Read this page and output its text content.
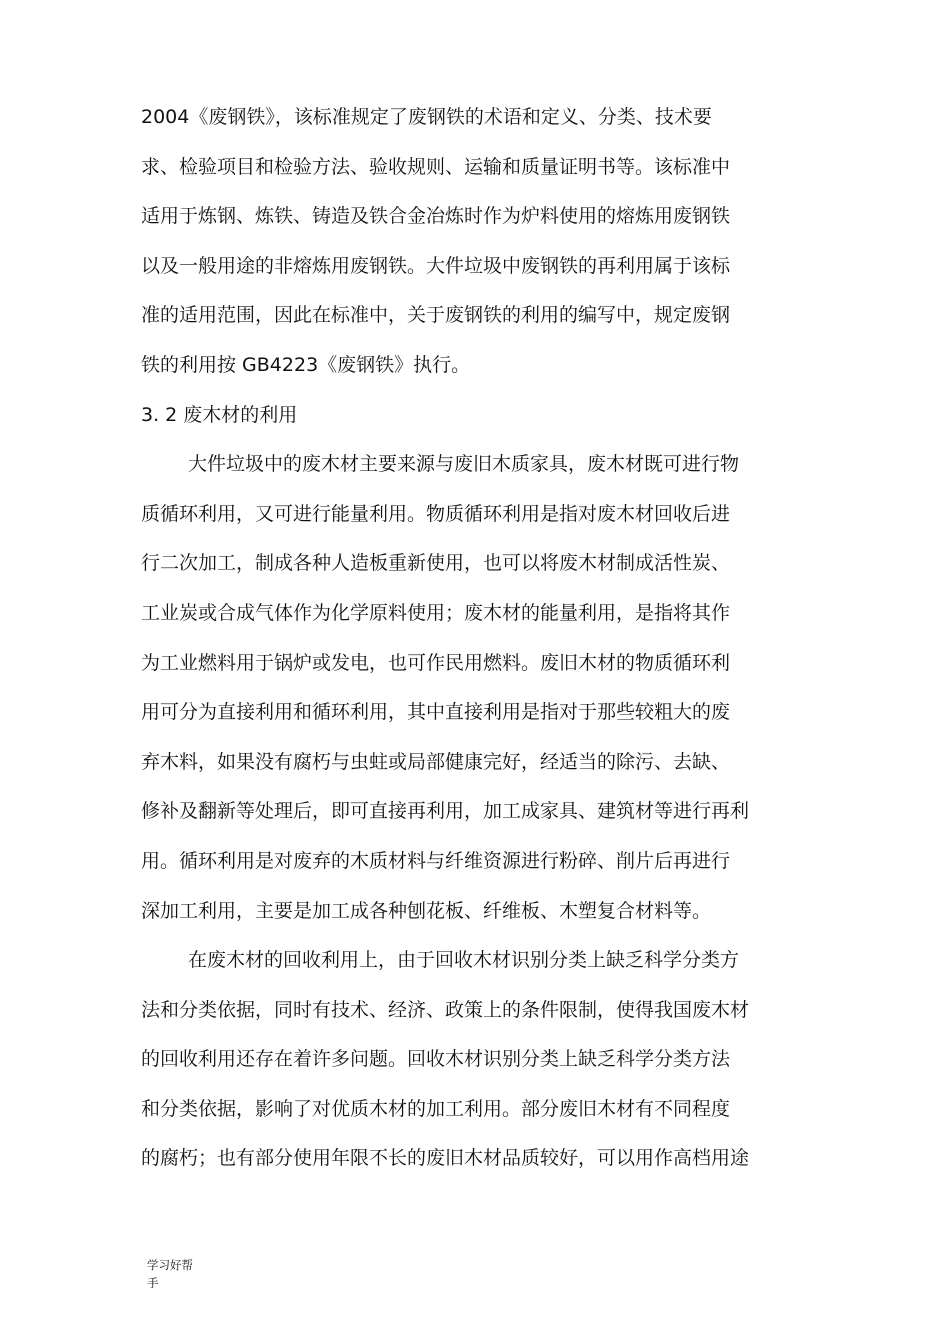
2004《废钢铁》，该标准规定了废钢铁的术语和定义、分类、技术要
求、检验项目和检验方法、验收规则、运输和质量证明书等。该标准中
适用于炼钢、炼铁、铸造及铁合金冶炼时作为炉料使用的熔炼用废钢铁
以及一般用途的非熔炼用废钢铁。大件垃圾中废钢铁的再利用属于该标
准的适用范围，因此在标准中，关于废钢铁的利用的编写中，规定废钢
铁的利用按 GB4223《废钢铁》执行。
3. 2 废木材的利用
大件垃圾中的废木材主要来源与废旧木质家具，废木材既可进行物
质循环利用，又可进行能量利用。物质循环利用是指对废木材回收后进
行二次加工，制成各种人造板重新使用，也可以将废木材制成活性炭、
工业炭或合成气体作为化学原料使用；废木材的能量利用，是指将其作
为工业燃料用于锅炉或发电，也可作民用燃料。废旧木材的物质循环利
用可分为直接利用和循环利用，其中直接利用是指对于那些较粗大的废
弃木料，如果没有腐朽与虫蛀或局部健康完好，经适当的除污、去缺、
修补及翻新等处理后，即可直接再利用，加工成家具、建筑材等进行再利
用。循环利用是对废弃的木质材料与纤维资源进行粉碎、削片后再进行
深加工利用，主要是加工成各种刨花板、纤维板、木塑复合材料等。
在废木材的回收利用上，由于回收木材识别分类上缺乏科学分类方
法和分类依据，同时有技术、经济、政策上的条件限制，使得我国废木材
的回收利用还存在着许多问题。回收木材识别分类上缺乏科学分类方法
和分类依据，影响了对优质木材的加工利用。部分废旧木材有不同程度
的腐朽；也有部分使用年限不长的废旧木材品质较好，可以用作高档用途
学习好帮
手
